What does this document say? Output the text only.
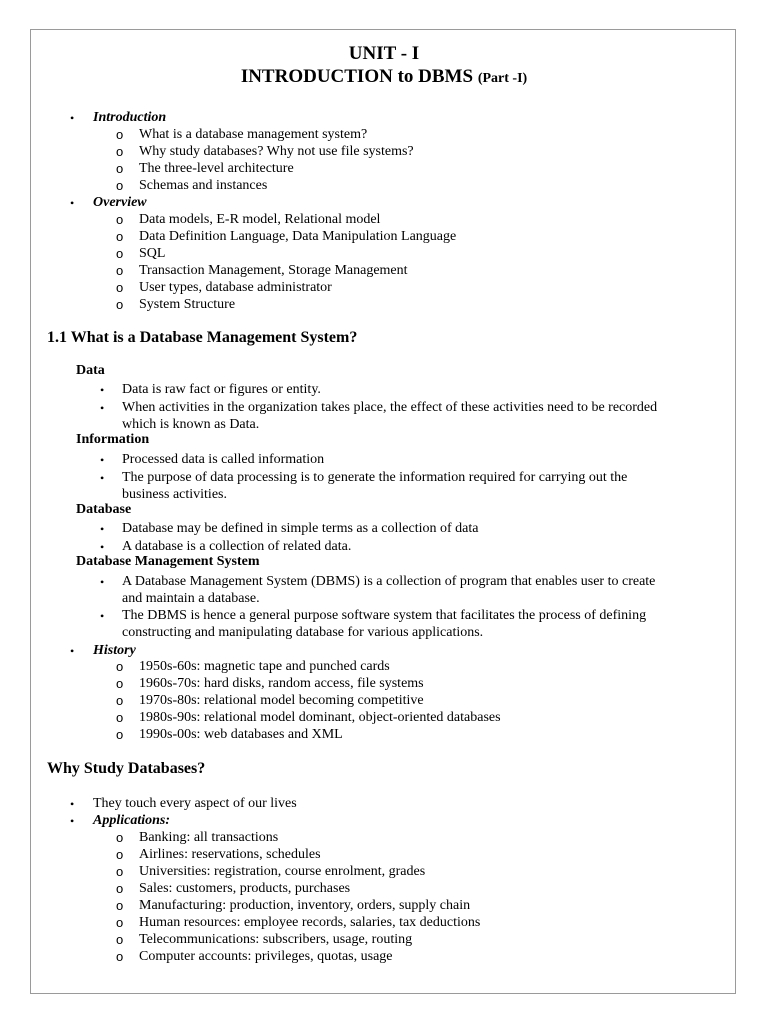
UNIT - I
INTRODUCTION to DBMS (Part -I)
• Introduction
o What is a database management system?
o Why study databases? Why not use file systems?
o The three-level architecture
o Schemas and instances
• Overview
o Data models, E-R model, Relational model
o Data Definition Language, Data Manipulation Language
o SQL
o Transaction Management, Storage Management
o User types, database administrator
o System Structure
1.1 What is a Database Management System?
Data
• Data is raw fact or figures or entity.
• When activities in the organization takes place, the effect of these activities need to be recorded
which is known as Data.
Information
• Processed data is called information
• The purpose of data processing is to generate the information required for carrying out the
business activities.
Database
• Database may be defined in simple terms as a collection of data
• A database is a collection of related data.
Database Management System
• A Database Management System (DBMS) is a collection of program that enables user to create
and maintain a database.
• The DBMS is hence a general purpose software system that facilitates the process of defining
constructing and manipulating database for various applications.
• History
o 1950s-60s: magnetic tape and punched cards
o 1960s-70s: hard disks, random access, file systems
o 1970s-80s: relational model becoming competitive
o 1980s-90s: relational model dominant, object-oriented databases
o 1990s-00s: web databases and XML
Why Study Databases?
• They touch every aspect of our lives
• Applications:
o Banking: all transactions
o Airlines: reservations, schedules
o Universities: registration, course enrolment, grades
o Sales: customers, products, purchases
o Manufacturing: production, inventory, orders, supply chain
o Human resources: employee records, salaries, tax deductions
o Telecommunications: subscribers, usage, routing
o Computer accounts: privileges, quotas, usage
